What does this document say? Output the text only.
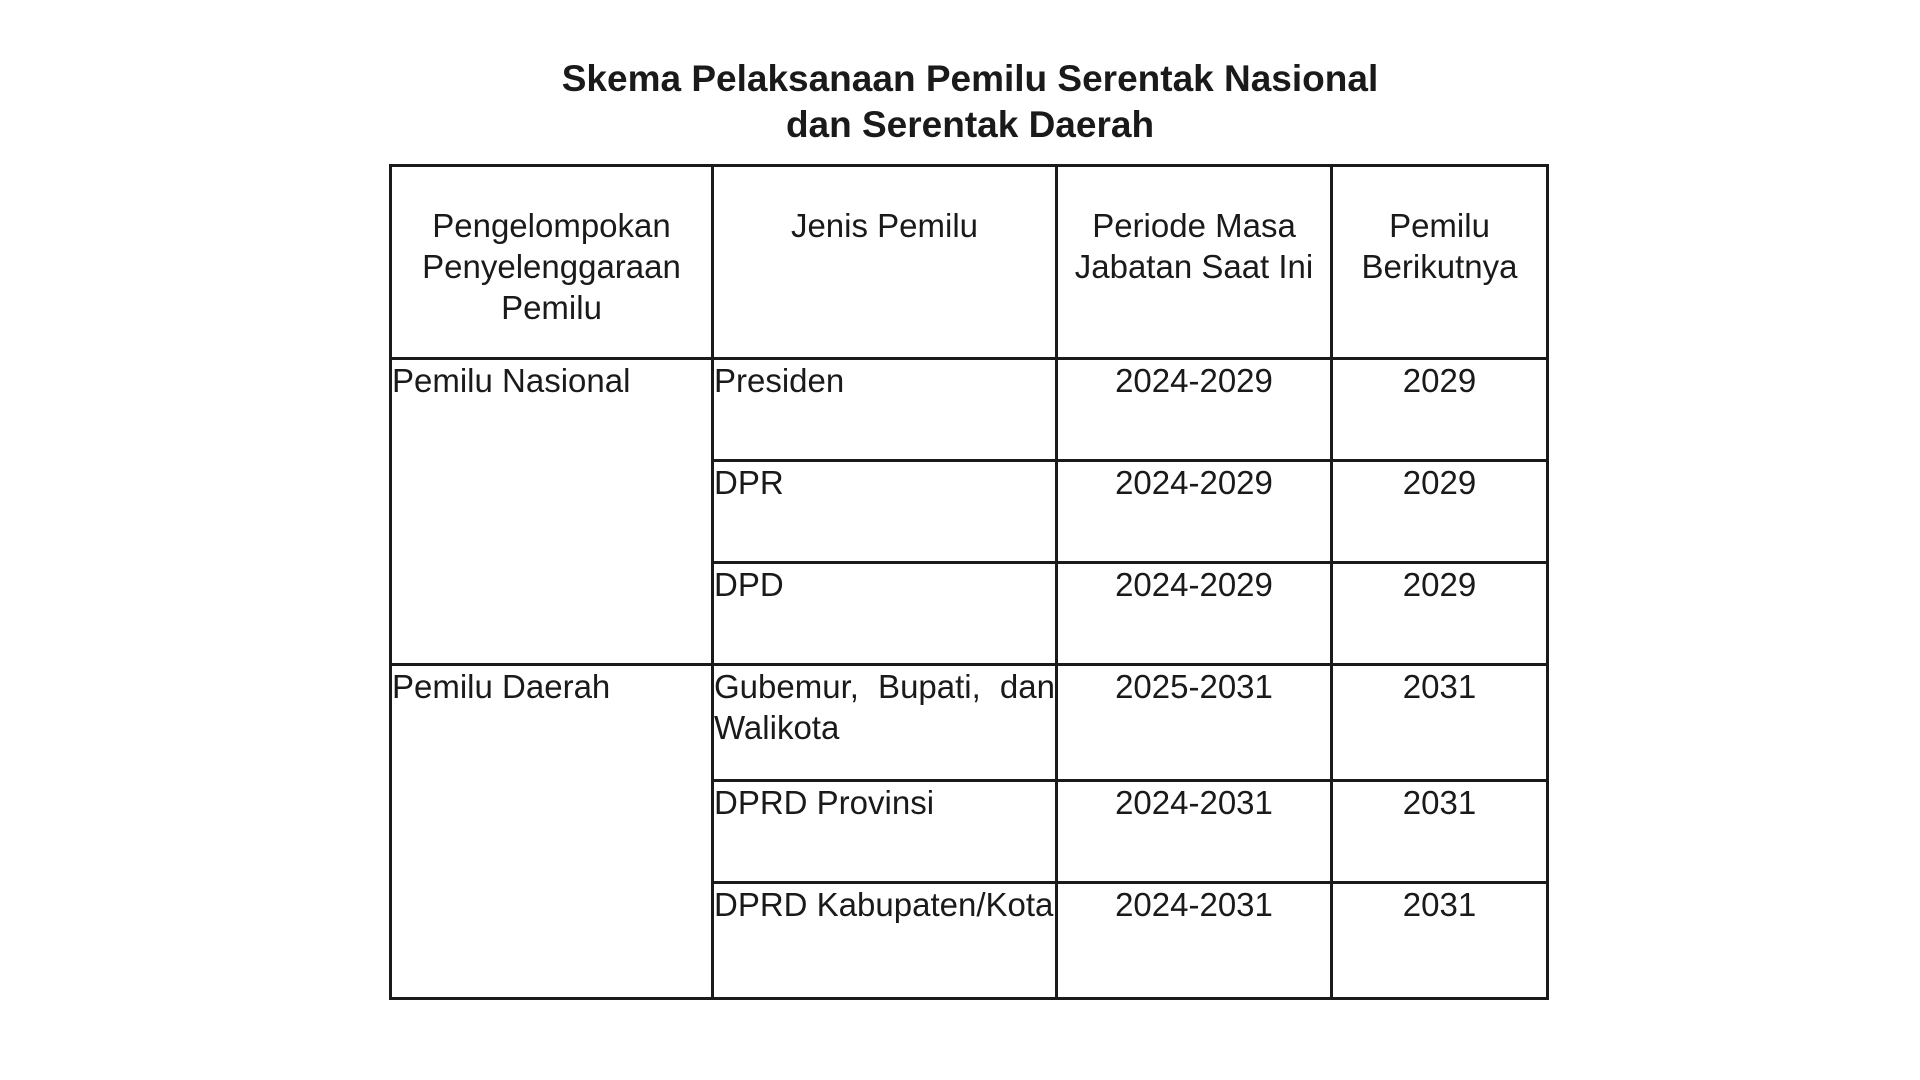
Skema Pelaksanaan Pemilu Serentak Nasional
dan Serentak Daerah
Pengelompokan Penyelenggaraan Pemilu	Jenis Pemilu	Periode Masa Jabatan Saat Ini	Pemilu Berikutnya
Pemilu Nasional	Presiden	2024-2029	2029
	DPR	2024-2029	2029
	DPD	2024-2029	2029
Pemilu Daerah	Gubemur, Bupati, dan Walikota	2025-2031	2031
	DPRD Provinsi	2024-2031	2031
	DPRD Kabupaten/Kota	2024-2031	2031
